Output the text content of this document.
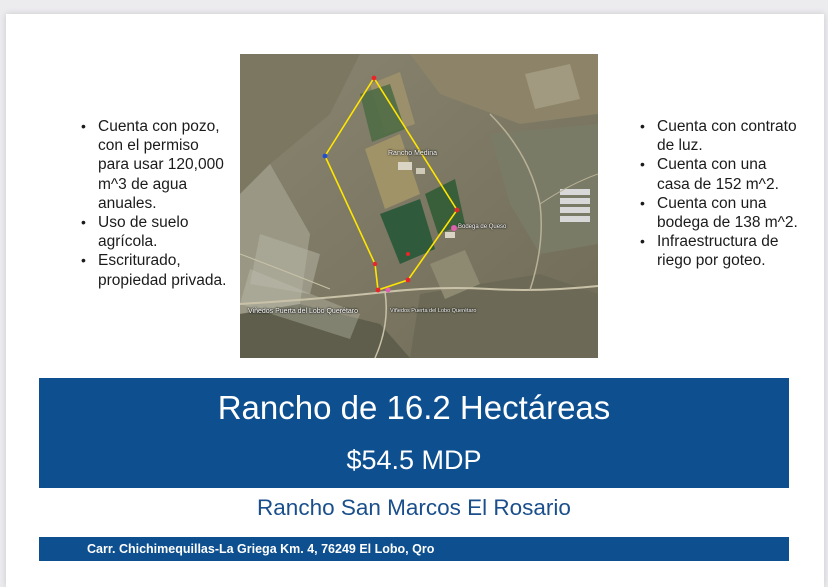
• Cuenta con pozo, con el permiso para usar 120,000 m^3 de agua anuales.
• Uso de suelo agrícola.
• Escriturado, propiedad privada.
Rancho Medina
Bodega de Queso
Viñedos Puerta del Lobo Querétaro	Viñedos Puerta del Lobo Querétaro
• Cuenta con contrato de luz.
• Cuenta con una casa de 152 m^2.
• Cuenta con una bodega de 138 m^2.
• Infraestructura de riego por goteo.
Rancho de 16.2 Hectáreas
$54.5 MDP
Rancho San Marcos El Rosario
Carr. Chichimequillas-La Griega Km. 4, 76249 El Lobo, Qro
